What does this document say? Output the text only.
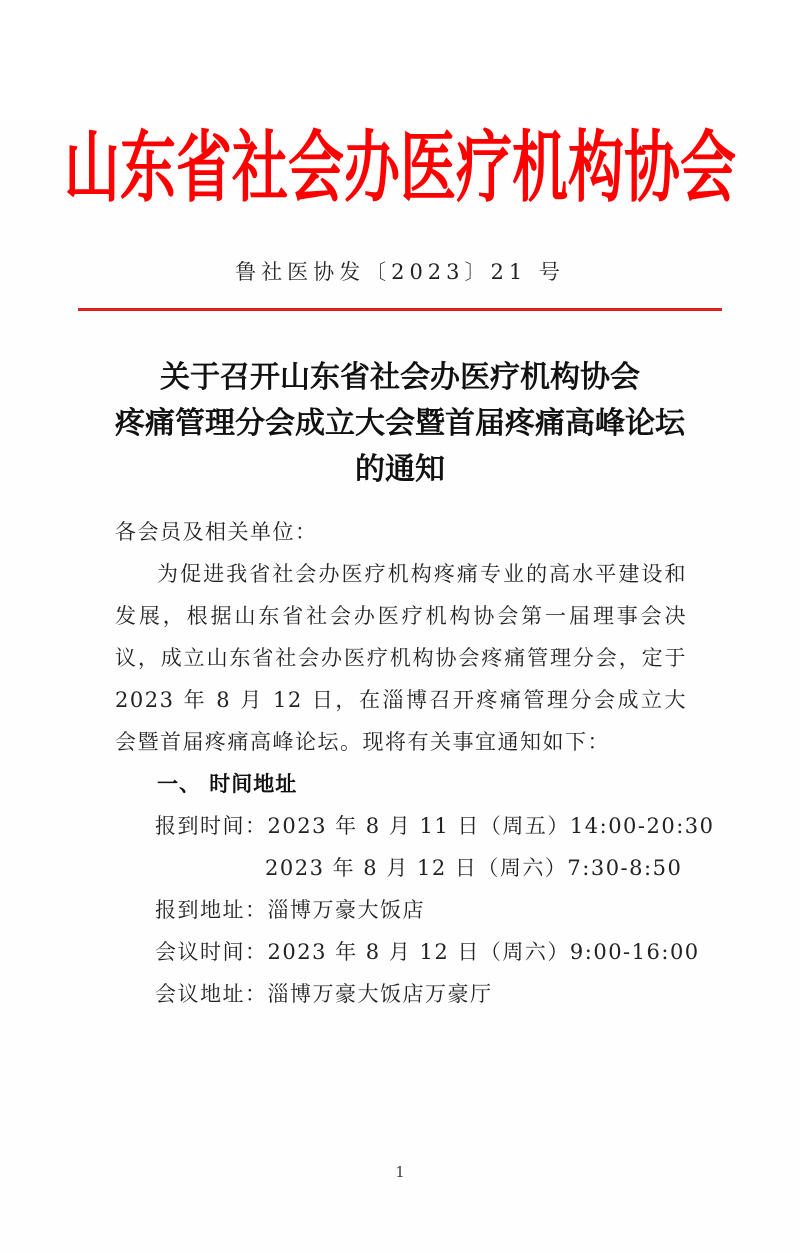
山东省社会办医疗机构协会
鲁社医协发〔2023〕21 号
关于召开山东省社会办医疗机构协会
疼痛管理分会成立大会暨首届疼痛高峰论坛
的通知
各会员及相关单位：
为促进我省社会办医疗机构疼痛专业的高水平建设和发展，根据山东省社会办医疗机构协会第一届理事会决议，成立山东省社会办医疗机构协会疼痛管理分会，定于 2023 年 8 月 12 日，在淄博召开疼痛管理分会成立大会暨首届疼痛高峰论坛。现将有关事宜通知如下：
一、 时间地址
报到时间：2023 年 8 月 11 日（周五）14:00-20:30
2023 年 8 月 12 日（周六）7:30-8:50
报到地址：淄博万豪大饭店
会议时间：2023 年 8 月 12 日（周六）9:00-16:00
会议地址：淄博万豪大饭店万豪厅
1
